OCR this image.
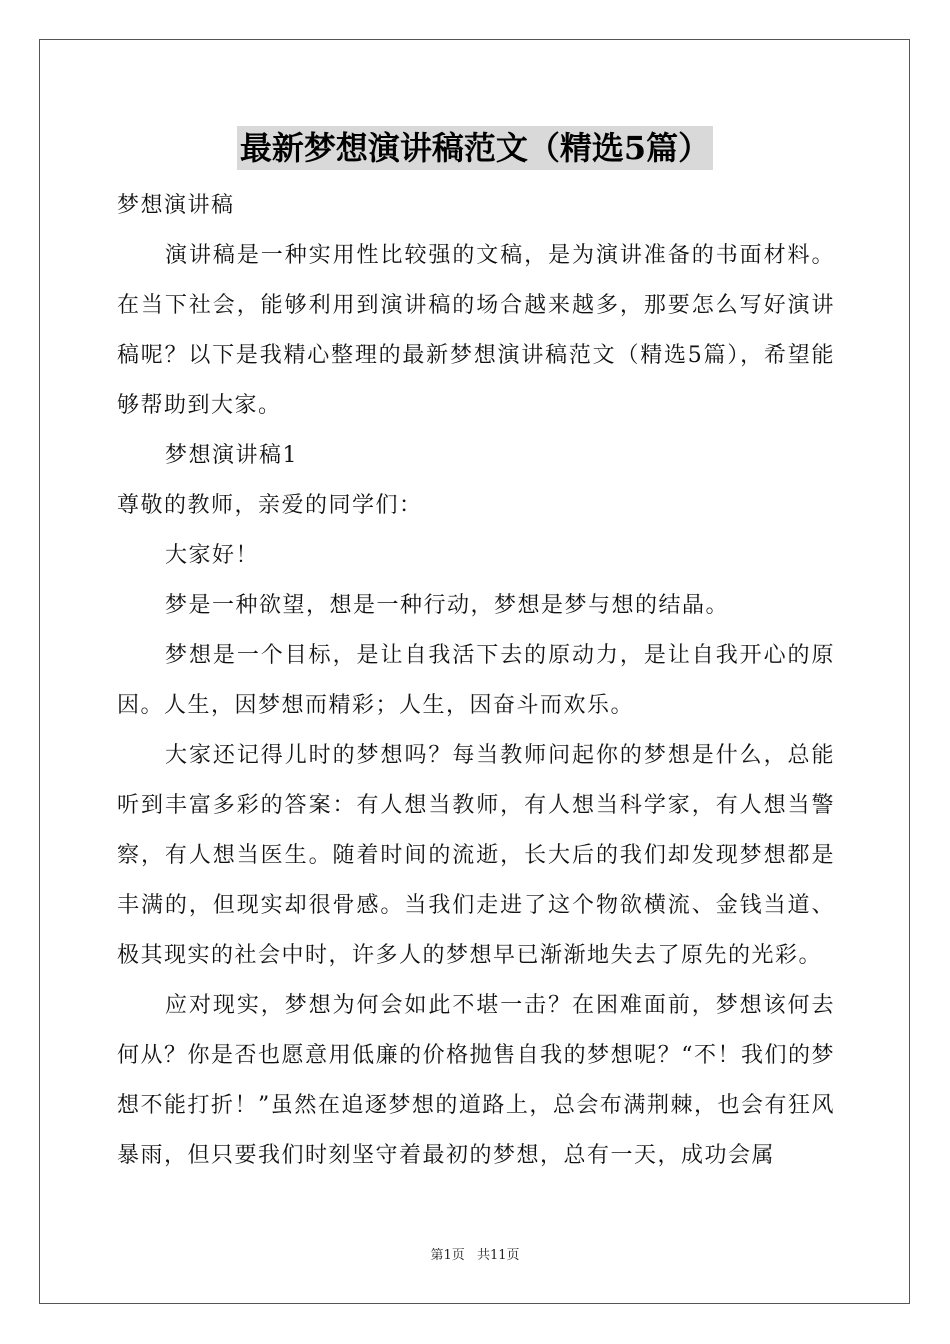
最新梦想演讲稿范文（精选5篇）

梦想演讲稿

演讲稿是一种实用性比较强的文稿，是为演讲准备的书面材料。在当下社会，能够利用到演讲稿的场合越来越多，那要怎么写好演讲稿呢？以下是我精心整理的最新梦想演讲稿范文（精选5篇），希望能够帮助到大家。

梦想演讲稿1

尊敬的教师，亲爱的同学们：

大家好！

梦是一种欲望，想是一种行动，梦想是梦与想的结晶。

梦想是一个目标，是让自我活下去的原动力，是让自我开心的原因。人生，因梦想而精彩；人生，因奋斗而欢乐。

大家还记得儿时的梦想吗？每当教师问起你的梦想是什么，总能听到丰富多彩的答案：有人想当教师，有人想当科学家，有人想当警察，有人想当医生。随着时间的流逝，长大后的我们却发现梦想都是丰满的，但现实却很骨感。当我们走进了这个物欲横流、金钱当道、极其现实的社会中时，许多人的梦想早已渐渐地失去了原先的光彩。

应对现实，梦想为何会如此不堪一击？在困难面前，梦想该何去何从？你是否也愿意用低廉的价格抛售自我的梦想呢？“不！我们的梦想不能打折！”虽然在追逐梦想的道路上，总会布满荆棘，也会有狂风暴雨，但只要我们时刻坚守着最初的梦想，总有一天，成功会属

第1页 共11页
